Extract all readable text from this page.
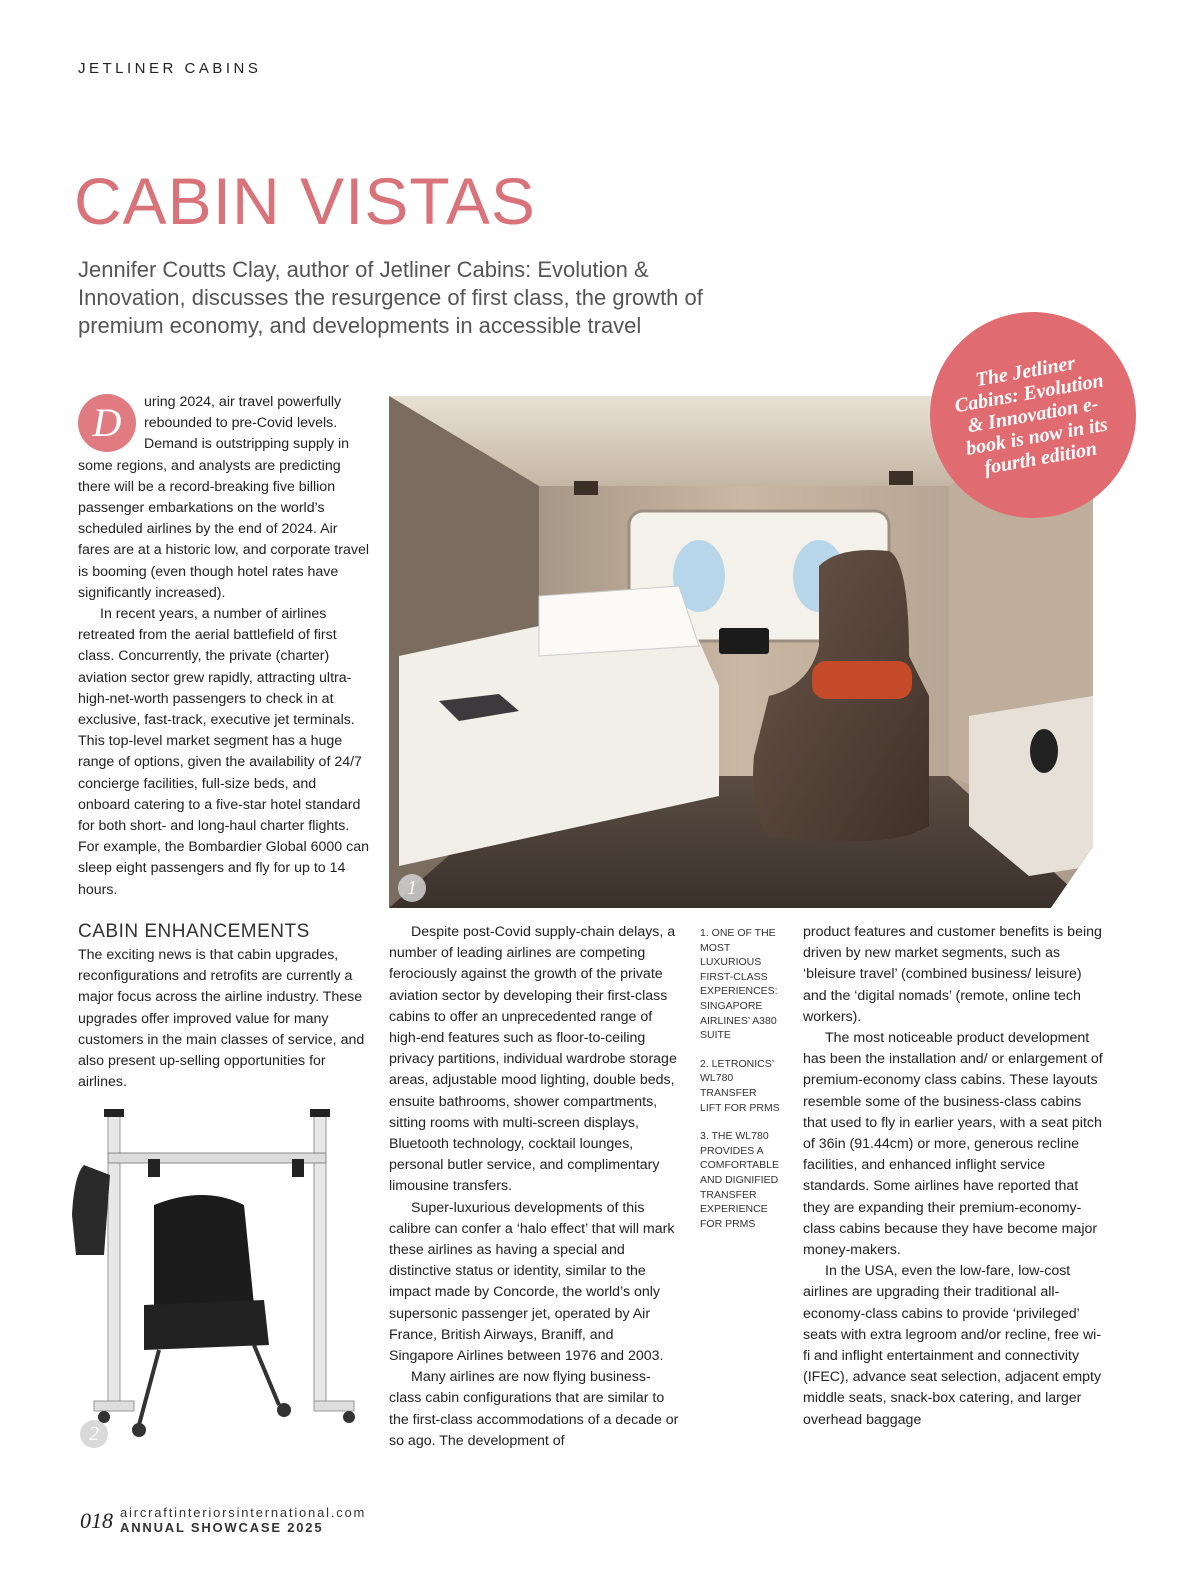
JETLINER CABINS
CABIN VISTAS
Jennifer Coutts Clay, author of Jetliner Cabins: Evolution & Innovation, discusses the resurgence of first class, the growth of premium economy, and developments in accessible travel

D	uring 2024, air travel powerfully rebounded to pre-Covid levels. Demand is outstripping supply in some regions, and analysts are predicting there will be a record-breaking five billion passenger embarkations on the world’s scheduled airlines by the end of 2024. Air fares are at a historic low, and corporate travel is booming (even though hotel rates have significantly increased).

In recent years, a number of airlines retreated from the aerial battlefield of first class. Concurrently, the private (charter) aviation sector grew rapidly, attracting ultra-high-net-worth passengers to check in at exclusive, fast-track, executive jet terminals. This top-level market segment has a huge range of options, given the availability of 24/7 concierge facilities, full-size beds, and onboard catering to a five-star hotel standard for both short- and long-haul charter flights. For example, the Bombardier Global 6000 can sleep eight passengers and fly for up to 14 hours.

CABIN ENHANCEMENTS

The exciting news is that cabin upgrades, reconfigurations and retrofits are currently a major focus across the airline industry. These upgrades offer improved value for many customers in the main classes of service, and also present up-selling opportunities for airlines.

1
The Jetliner Cabins: Evolution & Innovation e-book is now in its fourth edition

Despite post-Covid supply-chain delays, a number of leading airlines are competing ferociously against the growth of the private aviation sector by developing their first-class cabins to offer an unprecedented range of high-end features such as floor-to-ceiling privacy partitions, individual wardrobe storage areas, adjustable mood lighting, double beds, ensuite bathrooms, shower compartments, sitting rooms with multi-screen displays, Bluetooth technology, cocktail lounges, personal butler service, and complimentary limousine transfers.

Super-luxurious developments of this calibre can confer a ‘halo effect’ that will mark these airlines as having a special and distinctive status or identity, similar to the impact made by Concorde, the world’s only supersonic passenger jet, operated by Air France, British Airways, Braniff, and Singapore Airlines between 1976 and 2003.

Many airlines are now flying business-class cabin configurations that are similar to the first-class accommodations of a decade or so ago. The development of

1. ONE OF THE MOST LUXURIOUS FIRST-CLASS EXPERIENCES: SINGAPORE AIRLINES’ A380 SUITE
2. LETRONICS’ WL780 TRANSFER LIFT FOR PRMS
3. THE WL780 PROVIDES A COMFORTABLE AND DIGNIFIED TRANSFER EXPERIENCE FOR PRMS

product features and customer benefits is being driven by new market segments, such as ‘bleisure travel’ (combined business/ leisure) and the ‘digital nomads’ (remote, online tech workers).

The most noticeable product development has been the installation and/ or enlargement of premium-economy class cabins. These layouts resemble some of the business-class cabins that used to fly in earlier years, with a seat pitch of 36in (91.44cm) or more, generous recline facilities, and enhanced inflight service standards. Some airlines have reported that they are expanding their premium-economy-class cabins because they have become major money-makers.

In the USA, even the low-fare, low-cost airlines are upgrading their traditional all-economy-class cabins to provide ‘privileged’ seats with extra legroom and/or recline, free wi-fi and inflight entertainment and connectivity (IFEC), advance seat selection, adjacent empty middle seats, snack-box catering, and larger overhead baggage

2
018 aircraftinteriorsinternational.com
ANNUAL SHOWCASE 2025
